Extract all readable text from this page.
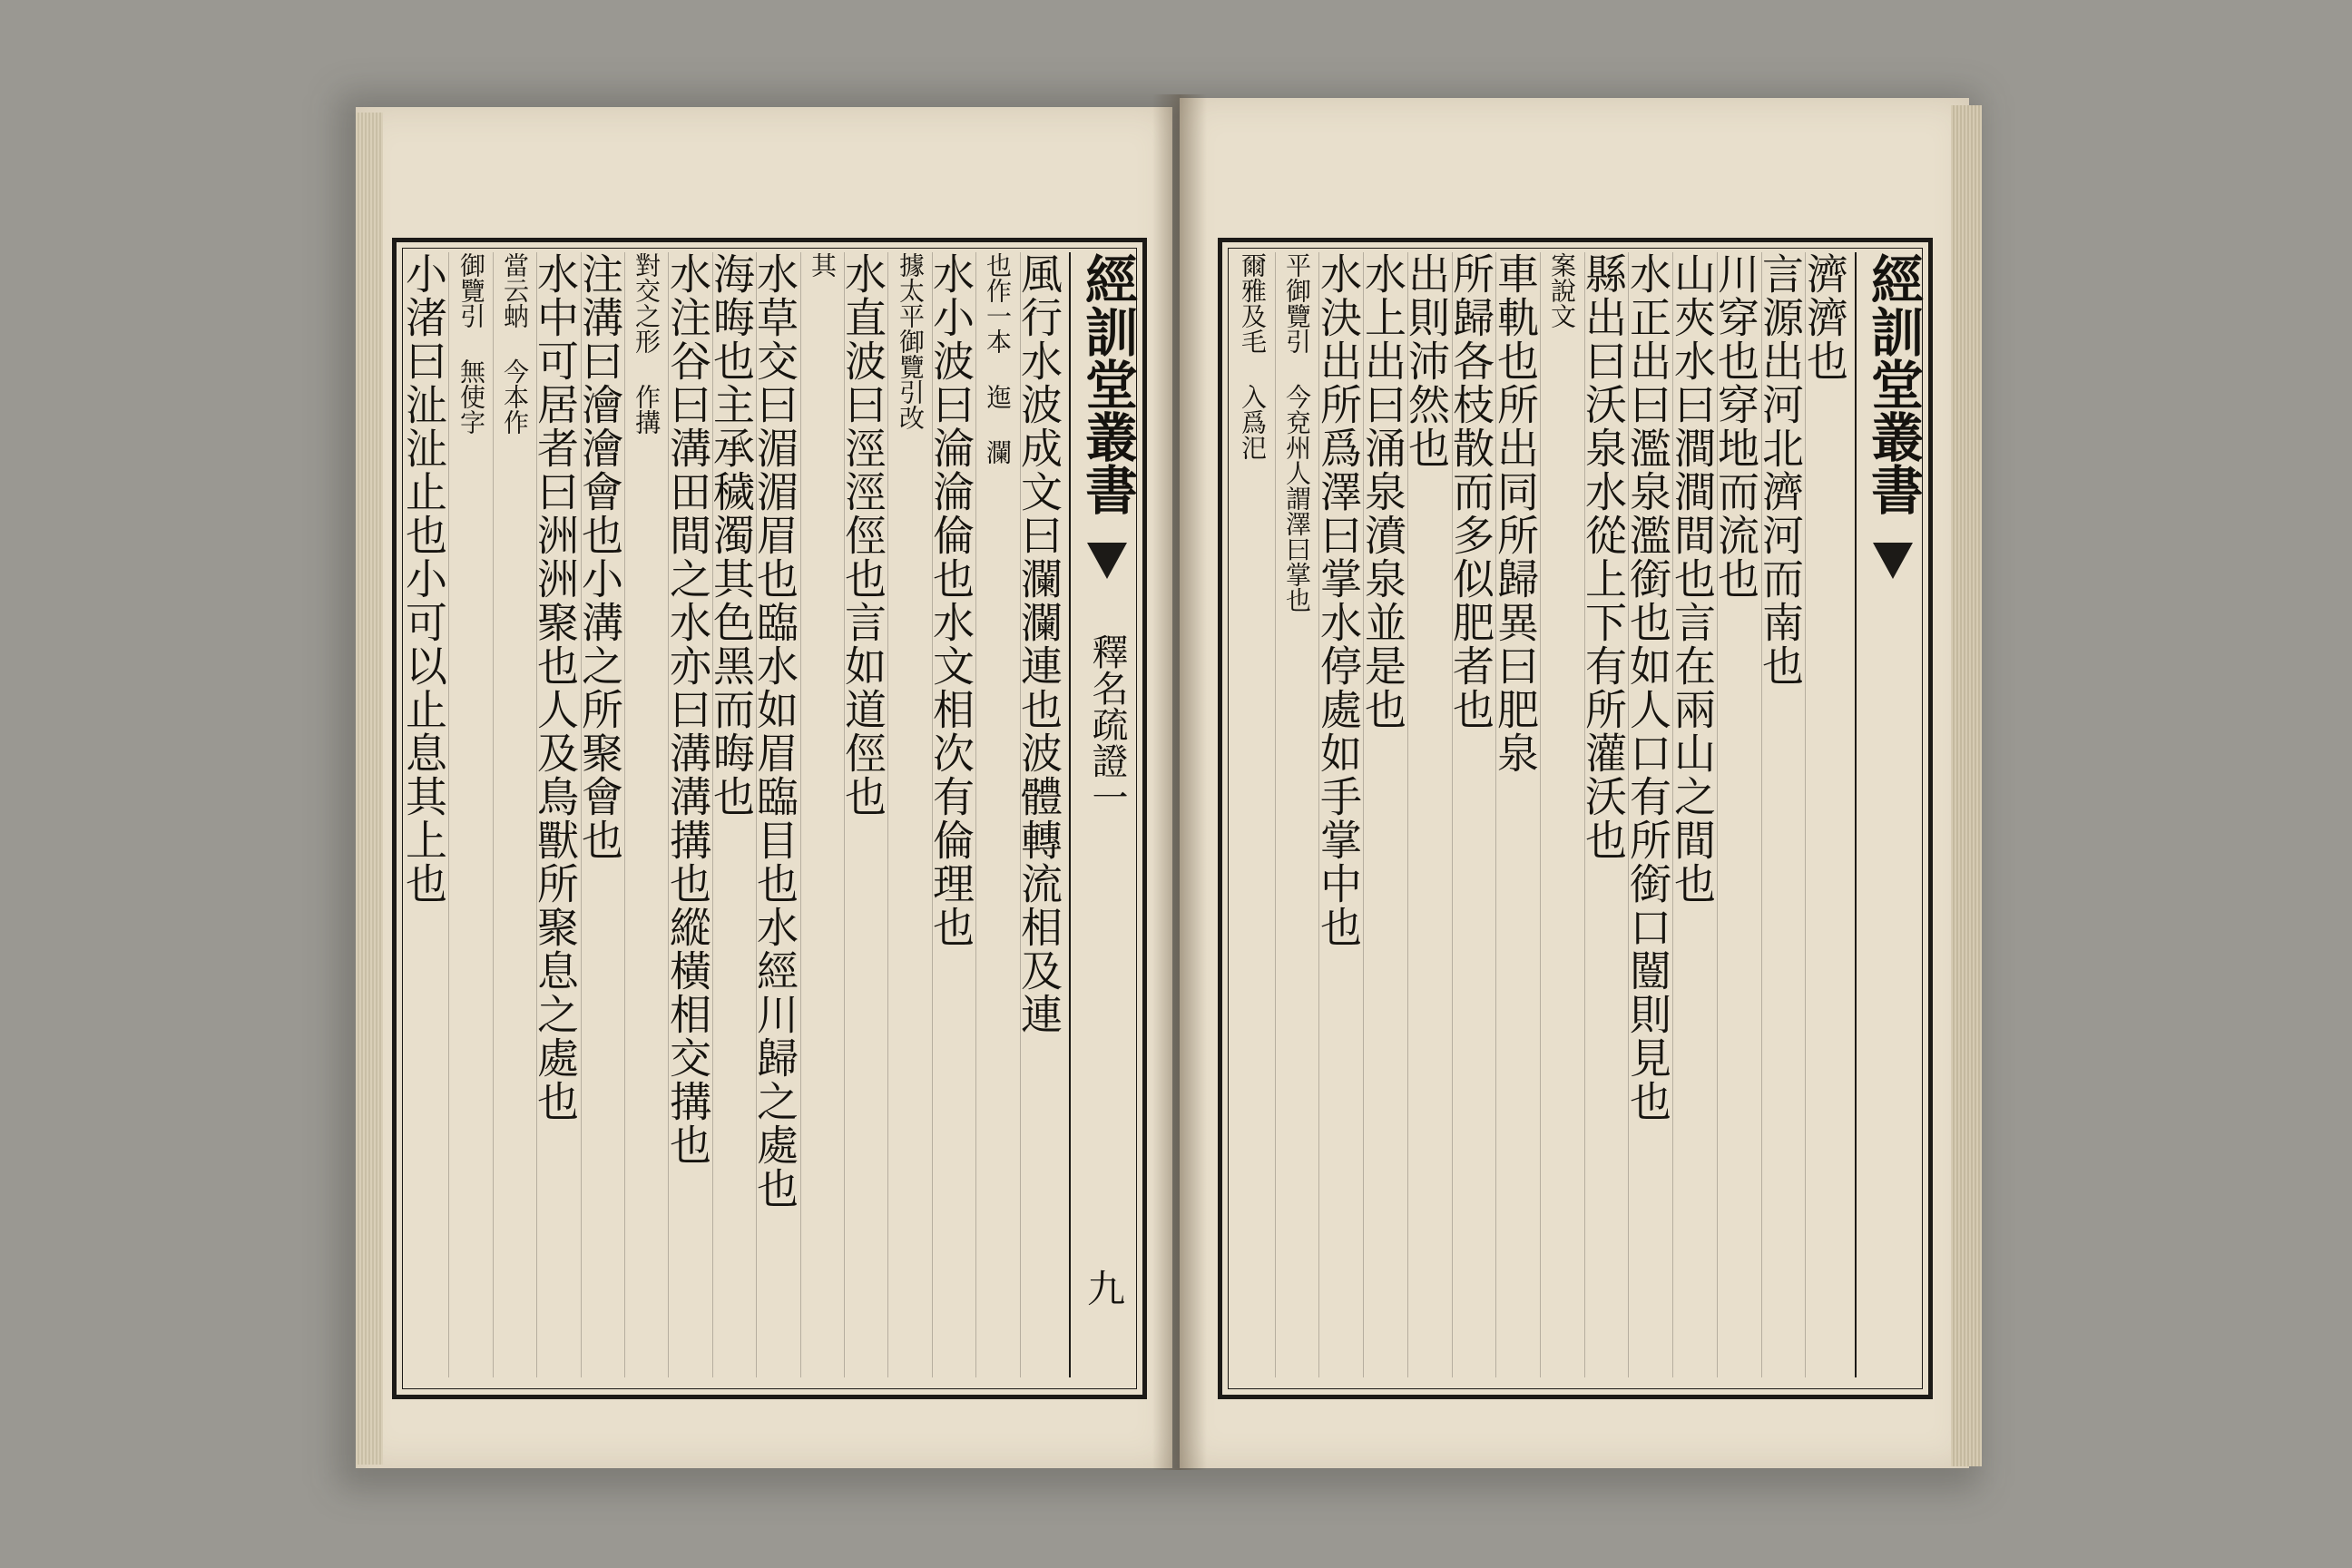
經訓堂叢書
釋名疏證一
九
經訓堂叢書
風行水波成文曰瀾瀾連也波體轉流相及連
也作一本 迤 瀾
水小波曰淪淪倫也水文相次有倫理也
據太平御覽引改
水直波曰涇涇俓也言如道俓也
其
水草交曰湄湄眉也臨水如眉臨目也水經川歸之處也
海晦也主承穢濁其色黑而晦也
水注谷曰溝田間之水亦曰溝溝搆也縱橫相交搆也
對交之形 作搆
注溝曰澮澮會也小溝之所聚會也
水中可居者曰洲洲聚也人及鳥獸所聚息之處也
當云蚋 今本作
御覽引 無使字
小渚曰沚沚止也小可以止息其上也	濟濟也
言源出河北濟河而南也
川穿也穿地而流也
山夾水曰澗澗間也言在兩山之間也
水正出曰濫泉濫銜也如人口有所銜口闓則見也
縣出曰沃泉水從上下有所灌沃也
案說文
車軌也所出同所歸異曰肥泉
所歸各枝散而多似肥者也
出則沛然也
水上出曰涌泉濆泉並是也
水決出所爲澤曰掌水停處如手掌中也
平御覽引 今兗州人謂澤曰掌也
爾雅及毛 入爲汜
